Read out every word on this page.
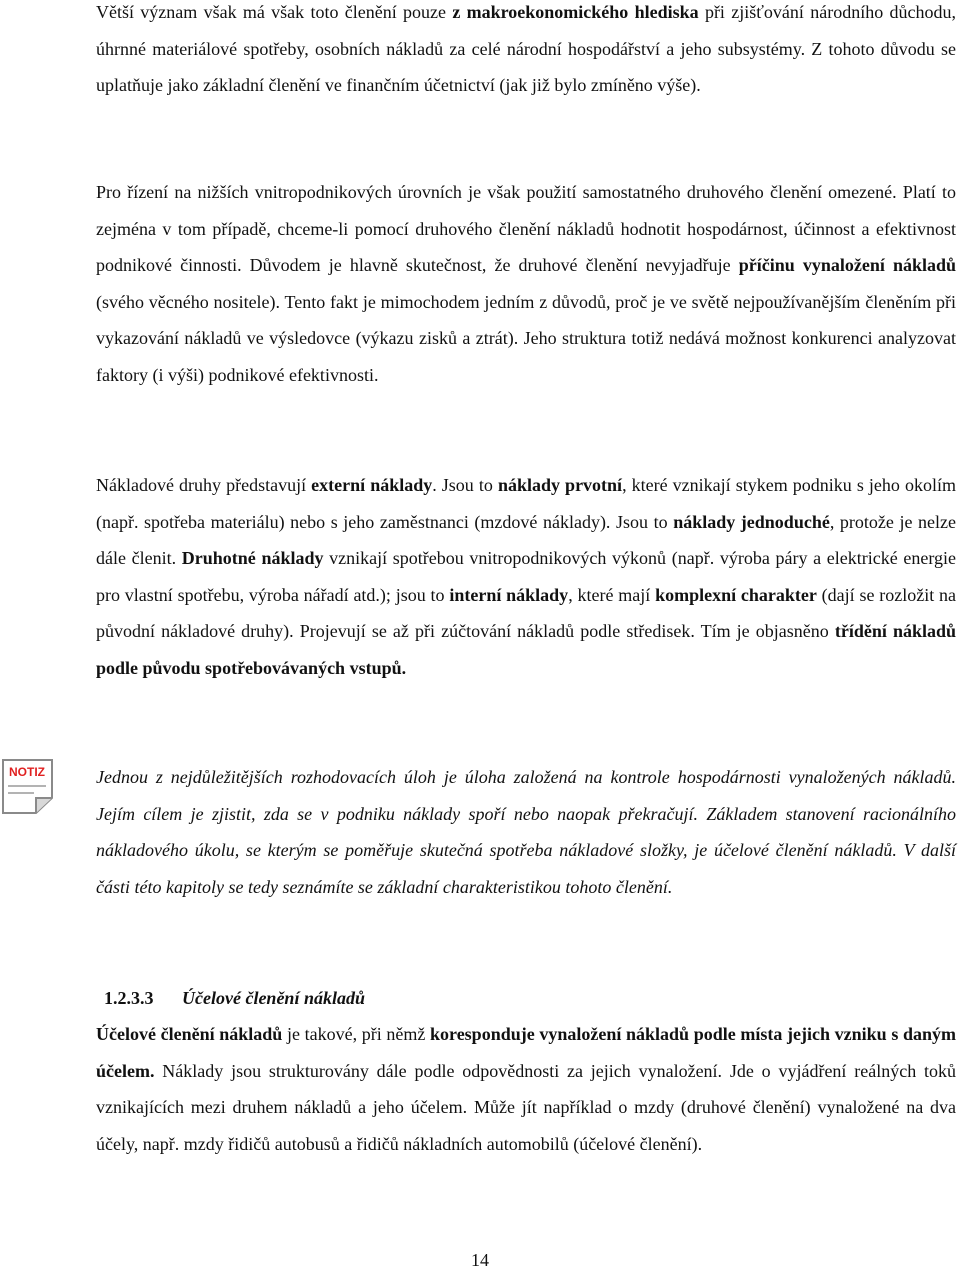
NOTIZ

Větší význam však má však toto členění pouze z makroekonomického hlediska při zjišťování národního důchodu, úhrnné materiálové spotřeby, osobních nákladů za celé národní hospodářství a jeho subsystémy. Z tohoto důvodu se uplatňuje jako základní členění ve finančním účetnictví (jak již bylo zmíněno výše).

Pro řízení na nižších vnitropodnikových úrovních je však použití samostatného druhového členění omezené. Platí to zejména v tom případě, chceme-li pomocí druhového členění nákladů hodnotit hospodárnost, účinnost a efektivnost podnikové činnosti. Důvodem je hlavně skutečnost, že druhové členění nevyjadřuje příčinu vynaložení nákladů (svého věcného nositele). Tento fakt je mimochodem jedním z důvodů, proč je ve světě nejpoužívanějším členěním při vykazování nákladů ve výsledovce (výkazu zisků a ztrát). Jeho struktura totiž nedává možnost konkurenci analyzovat faktory (i výši) podnikové efektivnosti.

Nákladové druhy představují externí náklady. Jsou to náklady prvotní, které vznikají stykem podniku s jeho okolím (např. spotřeba materiálu) nebo s jeho zaměstnanci (mzdové náklady). Jsou to náklady jednoduché, protože je nelze dále členit. Druhotné náklady vznikají spotřebou vnitropodnikových výkonů (např. výroba páry a elektrické energie pro vlastní spotřebu, výroba nářadí atd.); jsou to interní náklady, které mají komplexní charakter (dají se rozložit na původní nákladové druhy). Projevují se až při zúčtování nákladů podle středisek. Tím je objasněno třídění nákladů podle původu spotřebovávaných vstupů.

Jednou z nejdůležitějších rozhodovacích úloh je úloha založená na kontrole hospodárnosti vynaložených nákladů. Jejím cílem je zjistit, zda se v podniku náklady spoří nebo naopak překračují. Základem stanovení racionálního nákladového úkolu, se kterým se poměřuje skutečná spotřeba nákladové složky, je účelové členění nákladů. V další části této kapitoly se tedy seznámíte se základní charakteristikou tohoto členění.

1.2.3.3 Účelové členění nákladů

Účelové členění nákladů je takové, při němž koresponduje vynaložení nákladů podle místa jejich vzniku s daným účelem. Náklady jsou strukturovány dále podle odpovědnosti za jejich vynaložení. Jde o vyjádření reálných toků vznikajících mezi druhem nákladů a jeho účelem. Může jít například o mzdy (druhové členění) vynaložené na dva účely, např. mzdy řidičů autobusů a řidičů nákladních automobilů (účelové členění).

14
